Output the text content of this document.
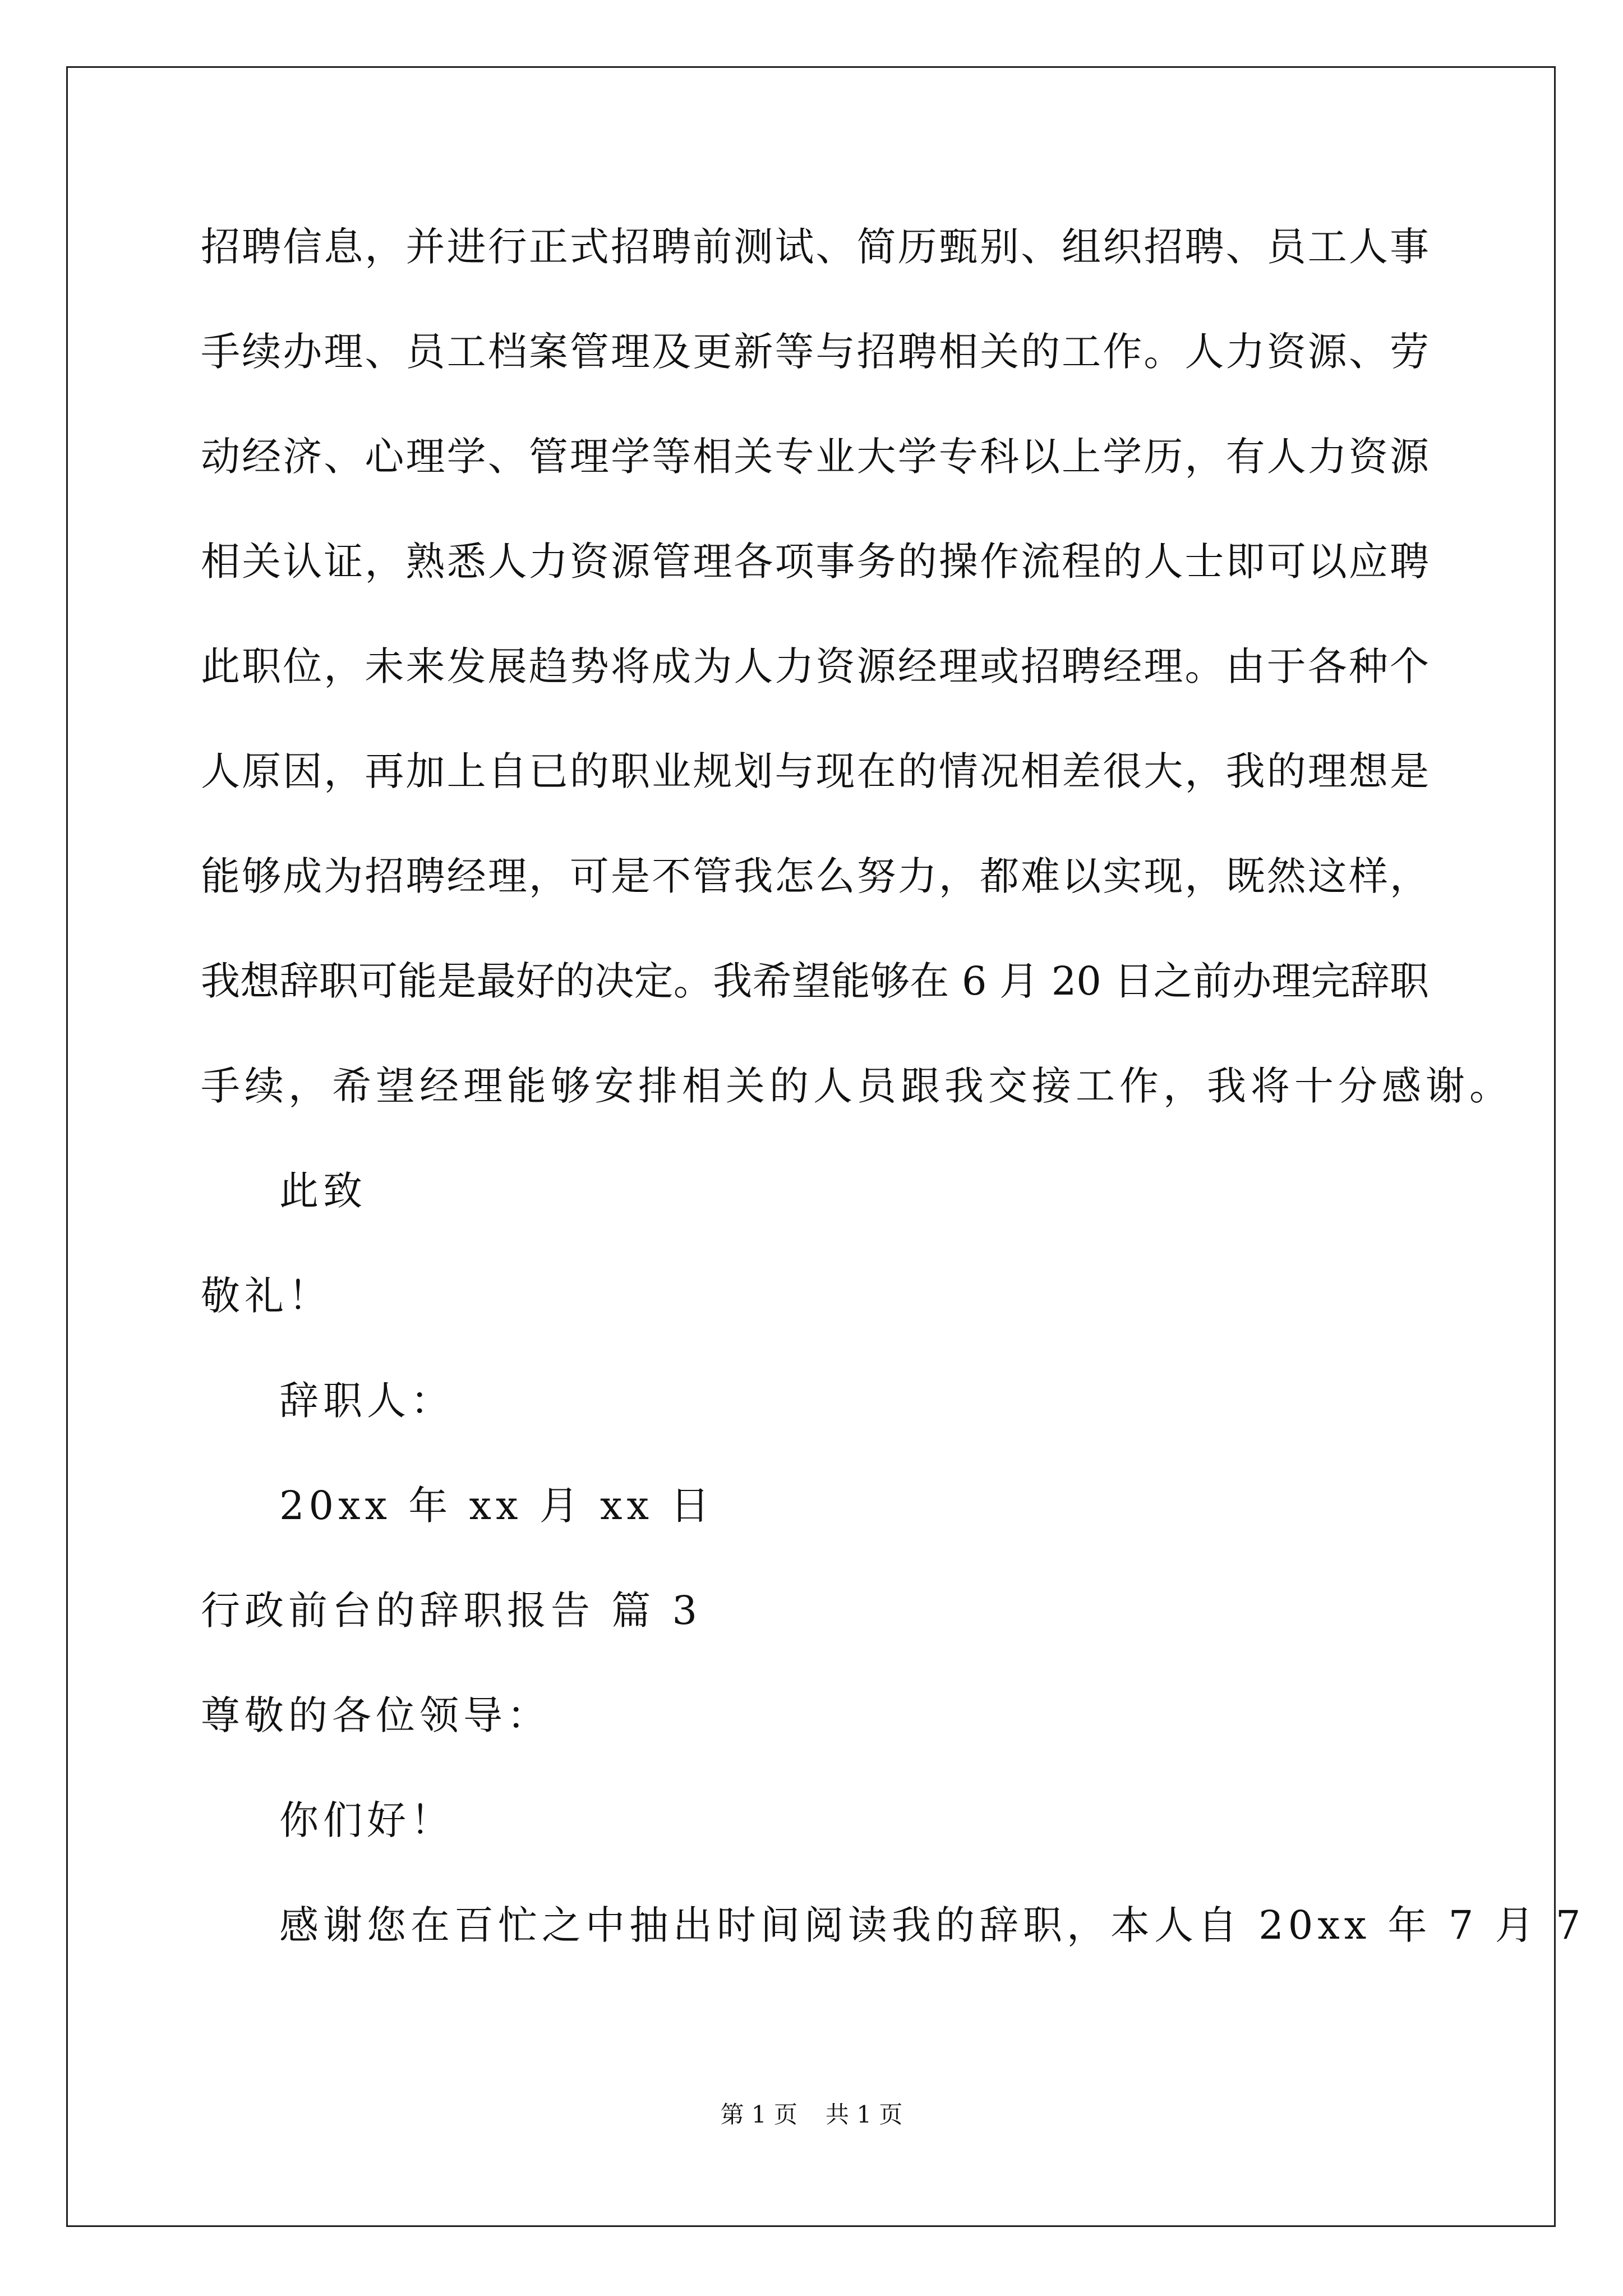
招聘信息，并进行正式招聘前测试、简历甄别、组织招聘、员工人事
手续办理、员工档案管理及更新等与招聘相关的工作。人力资源、劳
动经济、心理学、管理学等相关专业大学专科以上学历，有人力资源
相关认证，熟悉人力资源管理各项事务的操作流程的人士即可以应聘
此职位，未来发展趋势将成为人力资源经理或招聘经理。由于各种个
人原因，再加上自已的职业规划与现在的情况相差很大，我的理想是
能够成为招聘经理，可是不管我怎么努力，都难以实现，既然这样，
我想辞职可能是最好的决定。我希望能够在 6 月 20 日之前办理完辞职
手续，希望经理能够安排相关的人员跟我交接工作，我将十分感谢。
此致
敬礼！
辞职人：
20xx 年 xx 月 xx 日
行政前台的辞职报告 篇 3
尊敬的各位领导：
你们好！
感谢您在百忙之中抽出时间阅读我的辞职，本人自 20xx 年 7 月 7
第 1 页 共 1 页
